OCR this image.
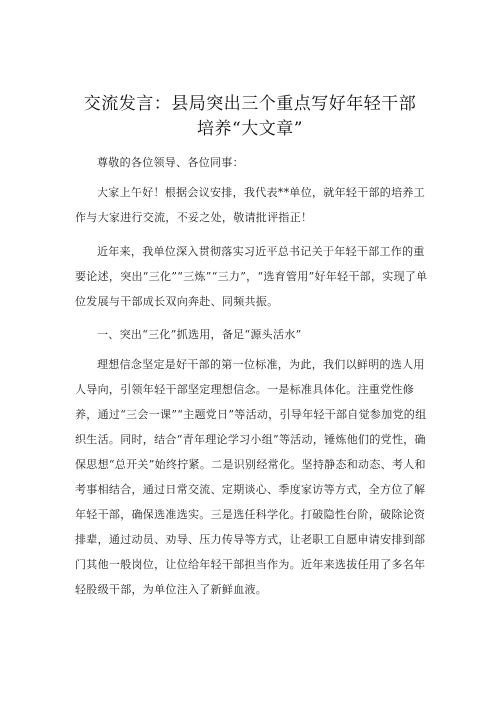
交流发言：县局突出三个重点写好年轻干部
培养“大文章”

尊敬的各位领导、各位同事：

大家上午好！根据会议安排，我代表**单位，就年轻干部的培养工作与大家进行交流，不妥之处，敬请批评指正！

近年来，我单位深入贯彻落实习近平总书记关于年轻干部工作的重要论述，突出“三化”“三炼”“三力”，“选育管用”好年轻干部，实现了单位发展与干部成长双向奔赴、同频共振。

一、突出“三化”抓选用，备足“源头活水”

理想信念坚定是好干部的第一位标准，为此，我们以鲜明的选人用人导向，引领年轻干部坚定理想信念。一是标准具体化。注重党性修养，通过“三会一课”“主题党日”等活动，引导年轻干部自觉参加党的组织生活。同时，结合“青年理论学习小组”等活动，锤炼他们的党性，确保思想“总开关”始终拧紧。二是识别经常化。坚持静态和动态、考人和考事相结合，通过日常交流、定期谈心、季度家访等方式，全方位了解年轻干部，确保选准选实。三是选任科学化。打破隐性台阶，破除论资排辈，通过动员、劝导、压力传导等方式，让老职工自愿申请安排到部门其他一般岗位，让位给年轻干部担当作为。近年来选拔任用了多名年轻股级干部，为单位注入了新鲜血液。
